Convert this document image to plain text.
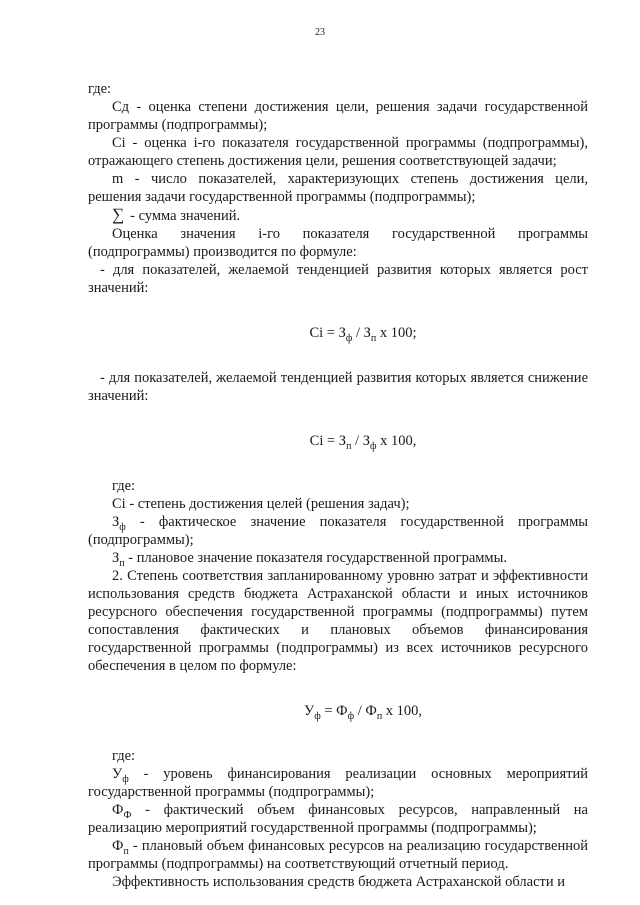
23

где:

Сд - оценка степени достижения цели, решения задачи государственной программы (подпрограммы);

Ci - оценка i-го показателя государственной программы (подпрограммы), отражающего степень достижения цели, решения соответствующей задачи;

m - число показателей, характеризующих степень достижения цели, решения задачи государственной программы (подпрограммы);

∑ - сумма значений.

Оценка значения i-го показателя государственной программы (подпрограммы) производится по формуле:

- для показателей, желаемой тенденцией развития которых является рост значений:

$Ci = З_ф / З_п$ x 100;

- для показателей, желаемой тенденцией развития которых является снижение значений:

$Ci = З_п / З_ф$ x 100,

где:

Ci - степень достижения целей (решения задач);

$З_ф$ - фактическое значение показателя государственной программы (подпрограммы);

$З_п$ - плановое значение показателя государственной программы.

2. Степень соответствия запланированному уровню затрат и эффективности использования средств бюджета Астраханской области и иных источников ресурсного обеспечения государственной программы (подпрограммы) путем сопоставления фактических и плановых объемов финансирования государственной программы (подпрограммы) из всех источников ресурсного обеспечения в целом по формуле:

$У_ф = Ф_ф / Ф_п$ x 100,

где:

$У_ф$ - уровень финансирования реализации основных мероприятий государственной программы (подпрограммы);

$Ф_Ф$ - фактический объем финансовых ресурсов, направленный на реализацию мероприятий государственной программы (подпрограммы);

$Ф_п$ - плановый объем финансовых ресурсов на реализацию государственной программы (подпрограммы) на соответствующий отчетный период.

Эффективность использования средств бюджета Астраханской области и
